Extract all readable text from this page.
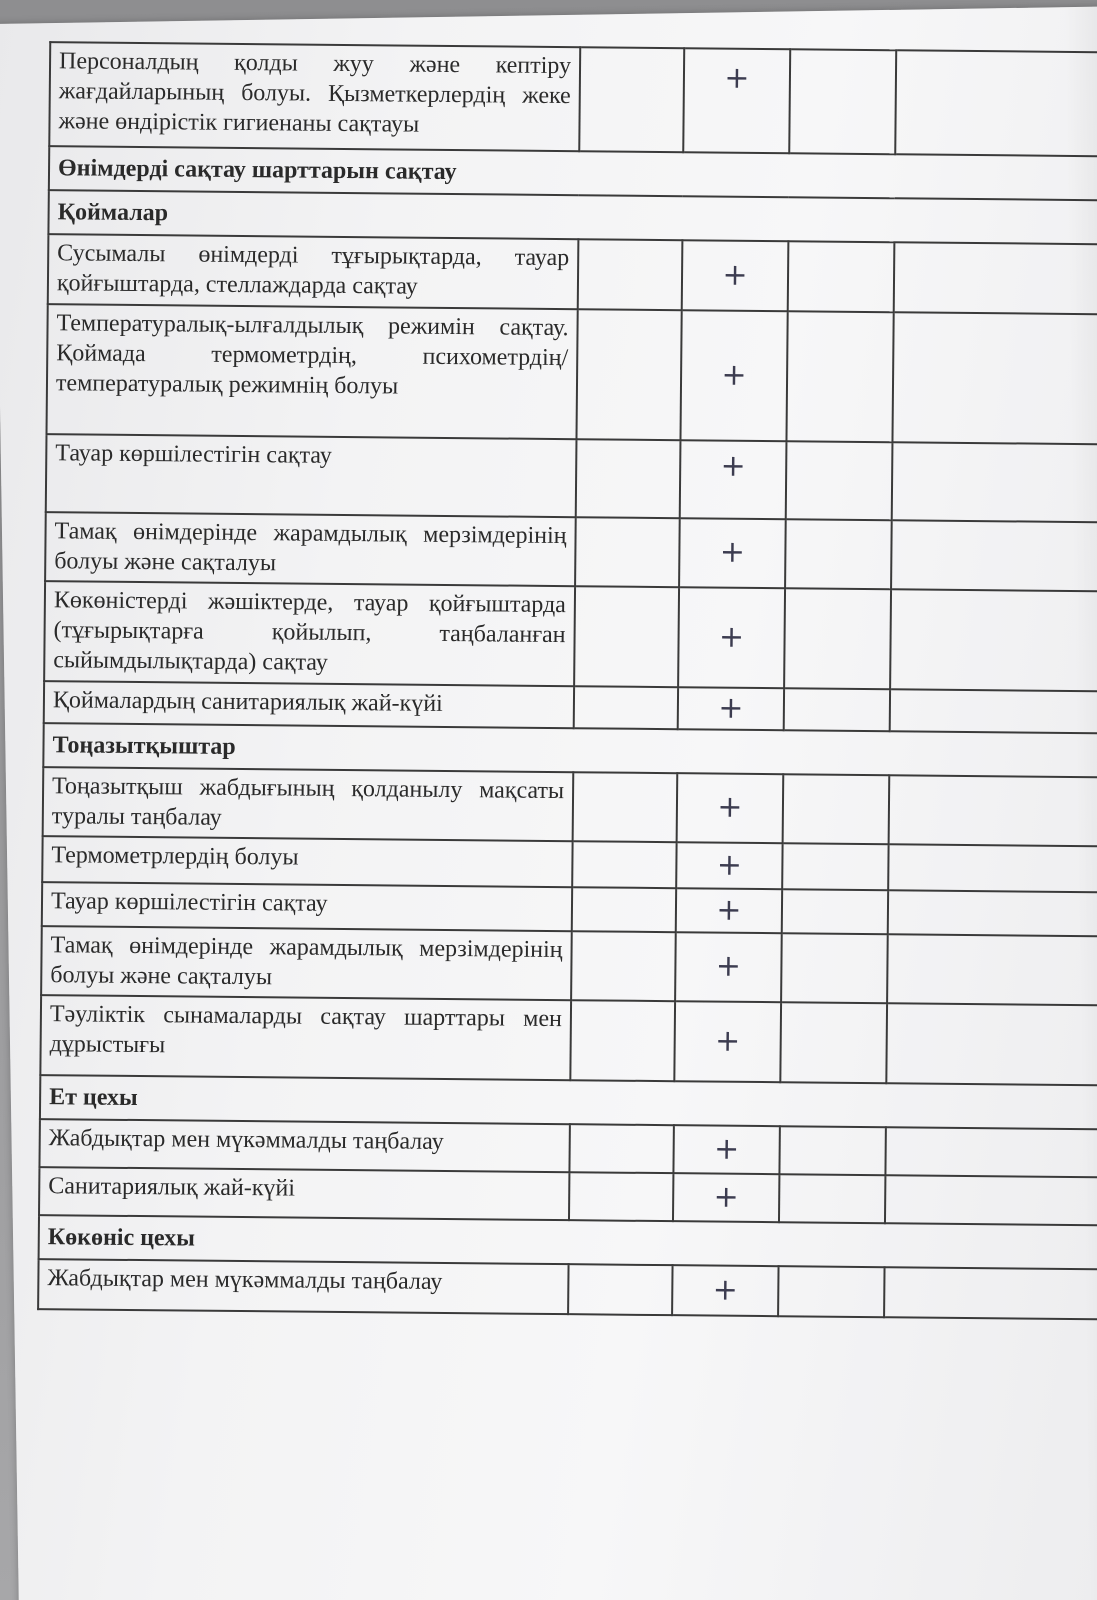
Персоналдың қолды жуу және кептіру жағдайларының болуы. Қызметкерлердің жеке және өндірістік гигиенаны сақтауы		+		
Өнімдерді сақтау шарттарын сақтау				
Қоймалар				
Сусымалы өнімдерді тұғырықтарда, тауар қойғыштарда, стеллаждарда сақтау		+		
Температуралық-ылғалдылық режимін сақтау. Қоймада термометрдің, психометрдің/температуралық режимнің болуы		+		
Тауар көршілестігін сақтау		+		
Тамақ өнімдерінде жарамдылық мерзімдерінің болуы және сақталуы		+		
Көкөністерді жәшіктерде, тауар қойғыштарда (тұғырықтарға қойылып, таңбаланған сыйымдылықтарда) сақтау		+		
Қоймалардың санитариялық жай-күйі		+		
Тоңазытқыштар				
Тоңазытқыш жабдығының қолданылу мақсаты туралы таңбалау		+		
Термометрлердің болуы		+		
Тауар көршілестігін сақтау		+		
Тамақ өнімдерінде жарамдылық мерзімдерінің болуы және сақталуы		+		
Тәуліктік сынамаларды сақтау шарттары мен дұрыстығы		+		
Ет цехы				
Жабдықтар мен мүкәммалды таңбалау		+		
Санитариялық жай-күйі		+		
Көкөніс цехы				
Жабдықтар мен мүкәммалды таңбалау		+		
